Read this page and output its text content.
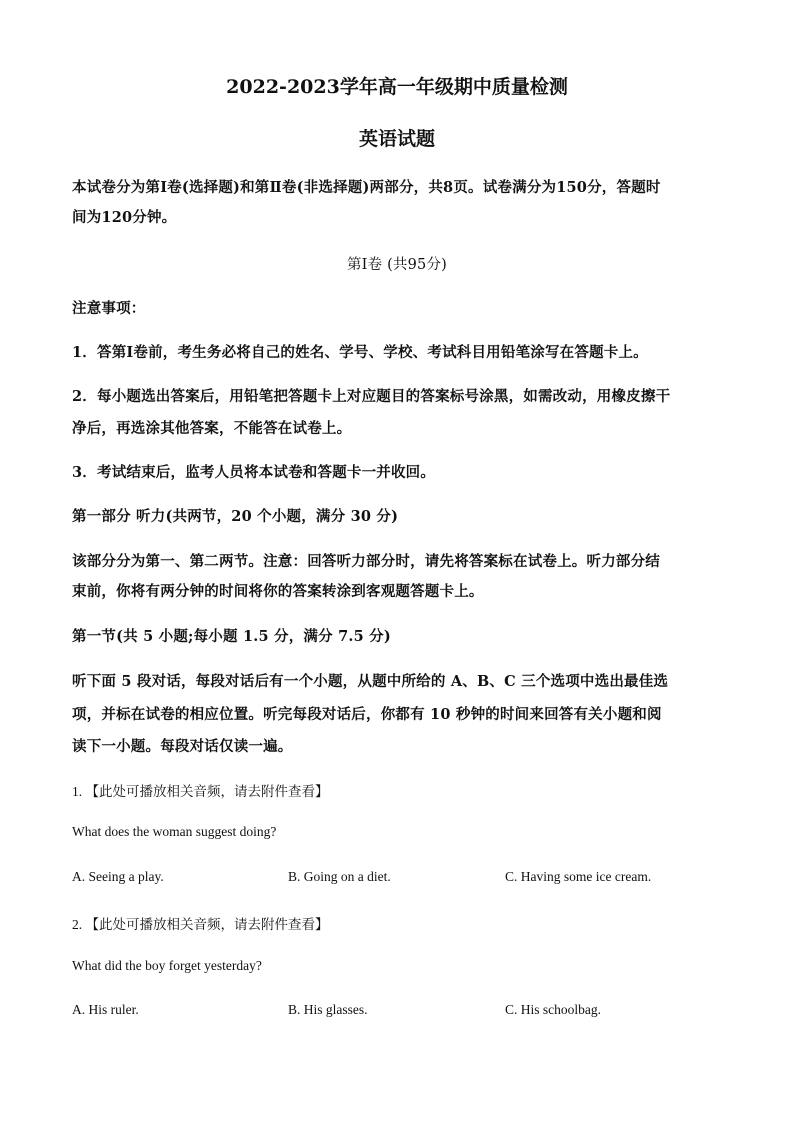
2022-2023学年高一年级期中质量检测
英语试题
本试卷分为第Ⅰ卷(选择题)和第Ⅱ卷(非选择题)两部分，共8页。试卷满分为150分，答题时
间为120分钟。
第Ⅰ卷 (共95分)
注意事项：
1．答第Ⅰ卷前，考生务必将自己的姓名、学号、学校、考试科目用铅笔涂写在答题卡上。
2．每小题选出答案后，用铅笔把答题卡上对应题目的答案标号涂黑，如需改动，用橡皮擦干
净后，再选涂其他答案，不能答在试卷上。
3．考试结束后，监考人员将本试卷和答题卡一并收回。
第一部分 听力(共两节，20 个小题，满分 30 分)
该部分分为第一、第二两节。注意：回答听力部分时，请先将答案标在试卷上。听力部分结
束前，你将有两分钟的时间将你的答案转涂到客观题答题卡上。
第一节(共 5 小题;每小题 1.5 分，满分 7.5 分)
听下面 5 段对话，每段对话后有一个小题，从题中所给的 A、B、C 三个选项中选出最佳选
项，并标在试卷的相应位置。听完每段对话后，你都有 10 秒钟的时间来回答有关小题和阅
读下一小题。每段对话仅读一遍。
1. 【此处可播放相关音频，请去附件查看】
What does the woman suggest doing?
A. Seeing a play.	B. Going on a diet.	C. Having some ice cream.
2. 【此处可播放相关音频，请去附件查看】
What did the boy forget yesterday?
A. His ruler.	B. His glasses.	C. His schoolbag.
